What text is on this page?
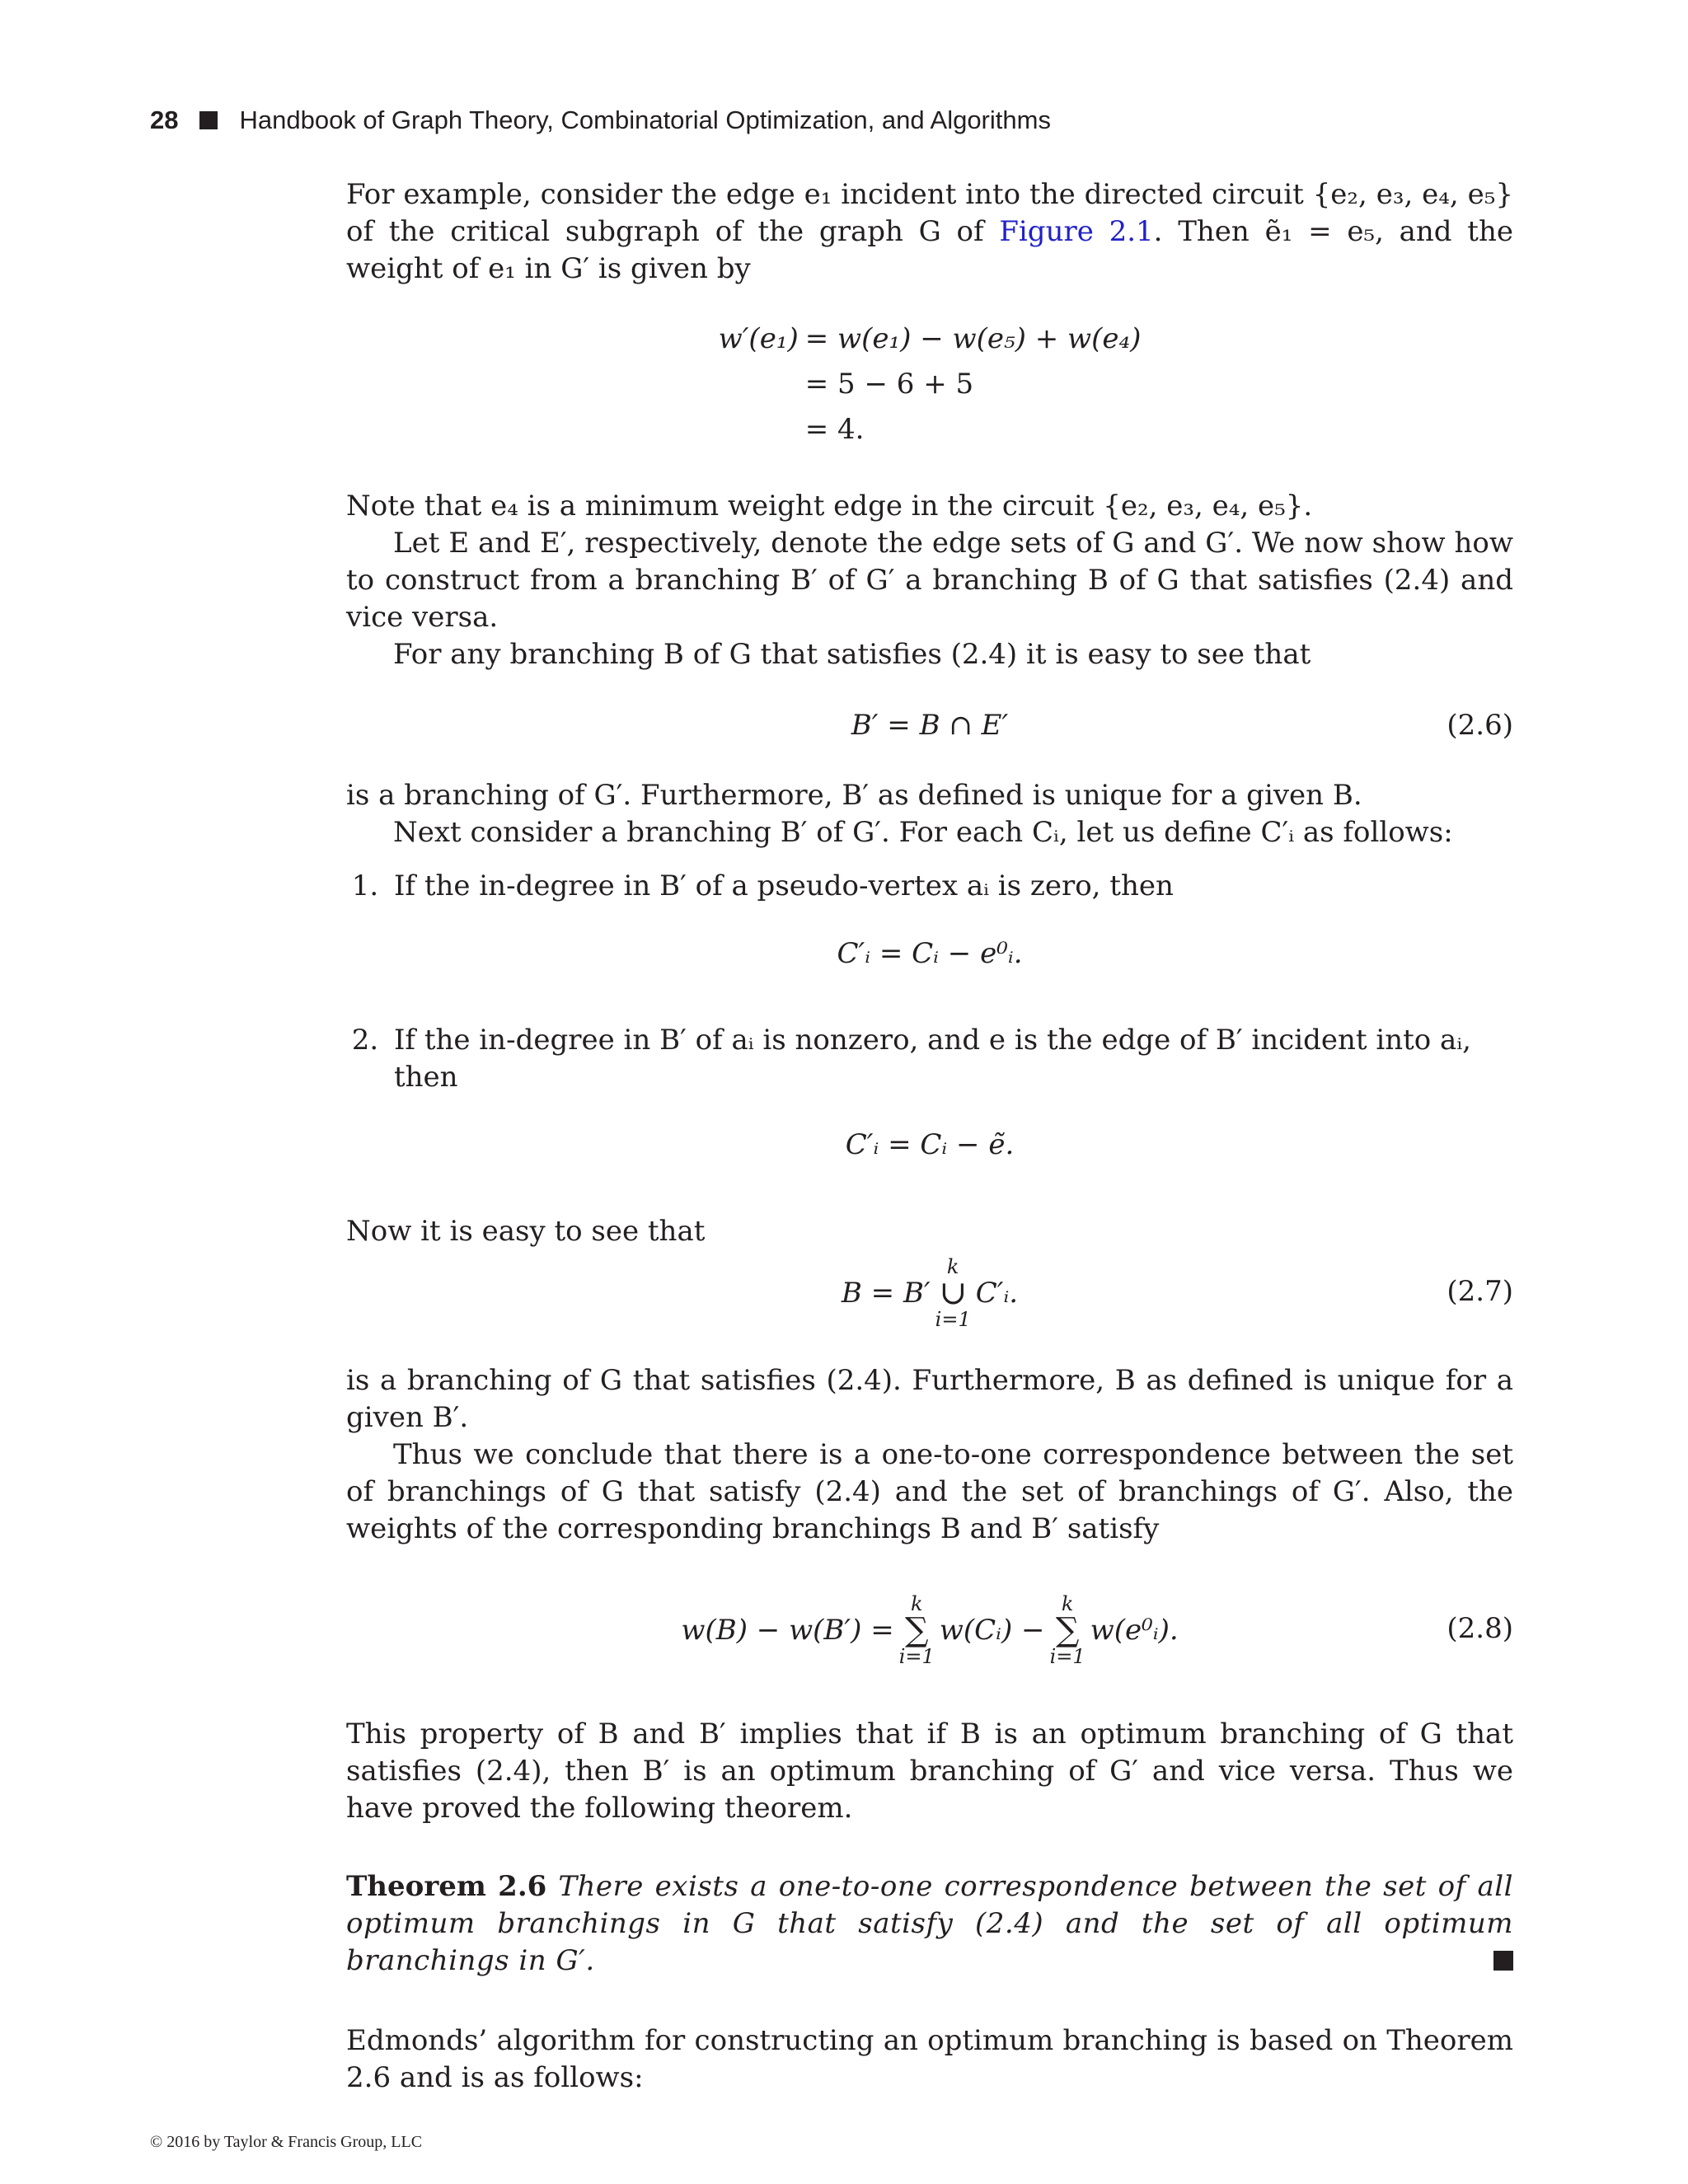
28 Handbook of Graph Theory, Combinatorial Optimization, and Algorithms

For example, consider the edge e₁ incident into the directed circuit {e₂, e₃, e₄, e₅} of the critical subgraph of the graph G of Figure 2.1. Then ẽ₁ = e₅, and the weight of e₁ in G′ is given by

w′(e₁) = w(e₁) − w(e₅) + w(e₄)
= 5 − 6 + 5
= 4.

Note that e₄ is a minimum weight edge in the circuit {e₂, e₃, e₄, e₅}.

Let E and E′, respectively, denote the edge sets of G and G′. We now show how to construct from a branching B′ of G′ a branching B of G that satisfies (2.4) and vice versa.

For any branching B of G that satisfies (2.4) it is easy to see that

B′ = B ∩ E′	(2.6)

is a branching of G′. Furthermore, B′ as defined is unique for a given B.

Next consider a branching B′ of G′. For each Cᵢ, let us define C′ᵢ as follows:

1. If the in-degree in B′ of a pseudo-vertex aᵢ is zero, then
C′ᵢ = Cᵢ − e⁰ᵢ.
2. If the in-degree in B′ of aᵢ is nonzero, and e is the edge of B′ incident into aᵢ, then
C′ᵢ = Cᵢ − ẽ.

Now it is easy to see that

B = B′
k
∪
i=1
C′ᵢ.	(2.7)

is a branching of G that satisfies (2.4). Furthermore, B as defined is unique for a given B′.

Thus we conclude that there is a one-to-one correspondence between the set of branchings of G that satisfy (2.4) and the set of branchings of G′. Also, the weights of the corresponding branchings B and B′ satisfy

w(B) − w(B′) =
k
∑
i=1
w(Cᵢ) −
k
∑
i=1
w(e⁰ᵢ).	(2.8)

This property of B and B′ implies that if B is an optimum branching of G that satisfies (2.4), then B′ is an optimum branching of G′ and vice versa. Thus we have proved the following theorem.

Theorem 2.6 There exists a one-to-one correspondence between the set of all optimum branchings in G that satisfy (2.4) and the set of all optimum branchings in G′.

Edmonds’ algorithm for constructing an optimum branching is based on Theorem 2.6 and is as follows:

© 2016 by Taylor & Francis Group, LLC
